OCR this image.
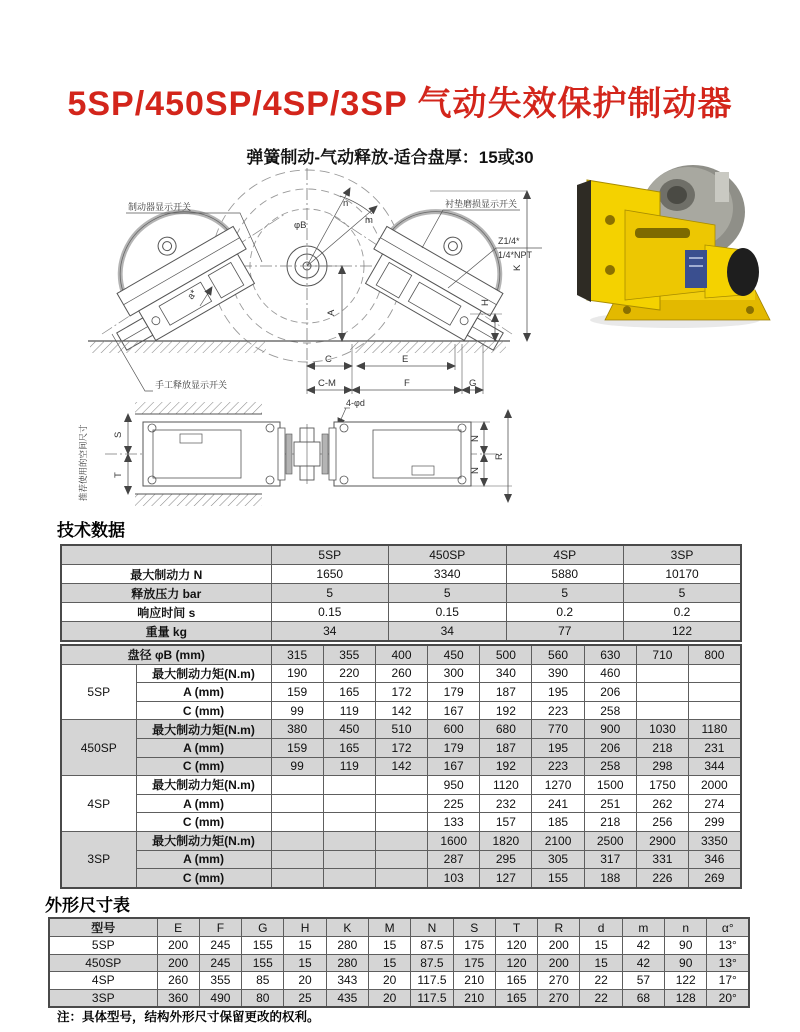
5SP/450SP/4SP/3SP 气动失效保护制动器
弹簧制动-气动释放-适合盘厚：15或30
制动器显示开关	衬垫磨损显示开关
手工释放显示开关
Z1/4*
1/4*NPT
φB
n
m
a*
A
K
H
C	E
C-M	F	G
4-φd
S
T
推荐使用的空间尺寸	N
N
R
技术数据
	5SP	450SP	4SP	3SP
最大制动力 N	1650	3340	5880	10170
释放压力 bar	5	5	5	5
响应时间 s	0.15	0.15	0.2	0.2
重量 kg	34	34	77	122
盘径 φB (mm)		315	355	400	450	500	560	630	710	800
5SP	最大制动力矩(N.m)	190	220	260	300	340	390	460		
	A (mm)	159	165	172	179	187	195	206		
	C (mm)	99	119	142	167	192	223	258		
450SP	最大制动力矩(N.m)	380	450	510	600	680	770	900	1030	1180
	A (mm)	159	165	172	179	187	195	206	218	231
	C (mm)	99	119	142	167	192	223	258	298	344
4SP	最大制动力矩(N.m)				950	1120	1270	1500	1750	2000
	A (mm)				225	232	241	251	262	274
	C (mm)				133	157	185	218	256	299
3SP	最大制动力矩(N.m)				1600	1820	2100	2500	2900	3350
	A (mm)				287	295	305	317	331	346
	C (mm)				103	127	155	188	226	269
外形尺寸表
型号	E	F	G	H	K	M	N	S	T	R	d	m	n	α°
5SP	200	245	155	15	280	15	87.5	175	120	200	15	42	90	13°
450SP	200	245	155	15	280	15	87.5	175	120	200	15	42	90	13°
4SP	260	355	85	20	343	20	117.5	210	165	270	22	57	122	17°
3SP	360	490	80	25	435	20	117.5	210	165	270	22	68	128	20°
注：具体型号，结构外形尺寸保留更改的权利。
